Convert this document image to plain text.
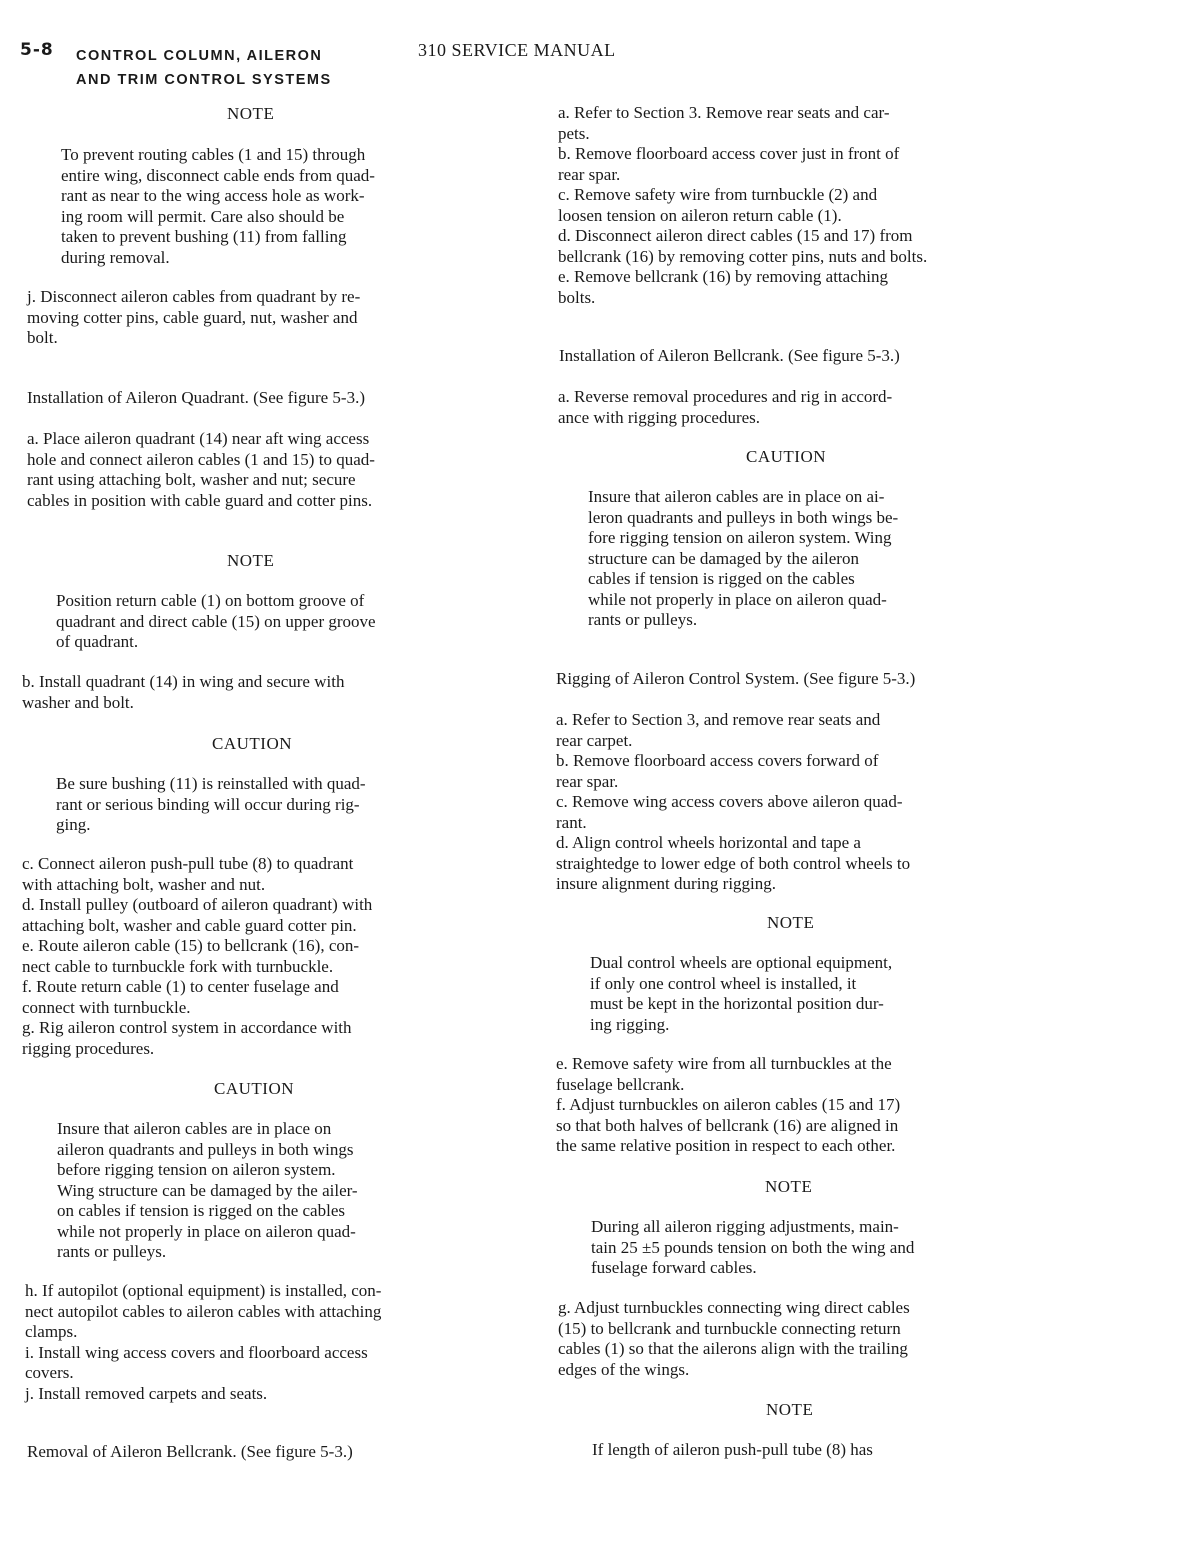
5-8 CONTROL COLUMN, AILERON
AND TRIM CONTROL SYSTEMS
310 SERVICE MANUAL
NOTE
To prevent routing cables (1 and 15) through
entire wing, disconnect cable ends from quad-
rant as near to the wing access hole as work-
ing room will permit. Care also should be
taken to prevent bushing (11) from falling
during removal.
j. Disconnect aileron cables from quadrant by re-
moving cotter pins, cable guard, nut, washer and
bolt.
Installation of Aileron Quadrant. (See figure 5-3.)
a. Place aileron quadrant (14) near aft wing access
hole and connect aileron cables (1 and 15) to quad-
rant using attaching bolt, washer and nut; secure
cables in position with cable guard and cotter pins.
NOTE
Position return cable (1) on bottom groove of
quadrant and direct cable (15) on upper groove
of quadrant.
b. Install quadrant (14) in wing and secure with
washer and bolt.
CAUTION
Be sure bushing (11) is reinstalled with quad-
rant or serious binding will occur during rig-
ging.
c. Connect aileron push-pull tube (8) to quadrant
with attaching bolt, washer and nut.
d. Install pulley (outboard of aileron quadrant) with
attaching bolt, washer and cable guard cotter pin.
e. Route aileron cable (15) to bellcrank (16), con-
nect cable to turnbuckle fork with turnbuckle.
f. Route return cable (1) to center fuselage and
connect with turnbuckle.
g. Rig aileron control system in accordance with
rigging procedures.
CAUTION
Insure that aileron cables are in place on
aileron quadrants and pulleys in both wings
before rigging tension on aileron system.
Wing structure can be damaged by the ailer-
on cables if tension is rigged on the cables
while not properly in place on aileron quad-
rants or pulleys.
h. If autopilot (optional equipment) is installed, con-
nect autopilot cables to aileron cables with attaching
clamps.
i. Install wing access covers and floorboard access
covers.
j. Install removed carpets and seats.
Removal of Aileron Bellcrank. (See figure 5-3.)
a. Refer to Section 3. Remove rear seats and car-
pets.
b. Remove floorboard access cover just in front of
rear spar.
c. Remove safety wire from turnbuckle (2) and
loosen tension on aileron return cable (1).
d. Disconnect aileron direct cables (15 and 17) from
bellcrank (16) by removing cotter pins, nuts and bolts.
e. Remove bellcrank (16) by removing attaching
bolts.
Installation of Aileron Bellcrank. (See figure 5-3.)
a. Reverse removal procedures and rig in accord-
ance with rigging procedures.
CAUTION
Insure that aileron cables are in place on ai-
leron quadrants and pulleys in both wings be-
fore rigging tension on aileron system. Wing
structure can be damaged by the aileron
cables if tension is rigged on the cables
while not properly in place on aileron quad-
rants or pulleys.
Rigging of Aileron Control System. (See figure 5-3.)
a. Refer to Section 3, and remove rear seats and
rear carpet.
b. Remove floorboard access covers forward of
rear spar.
c. Remove wing access covers above aileron quad-
rant.
d. Align control wheels horizontal and tape a
straightedge to lower edge of both control wheels to
insure alignment during rigging.
NOTE
Dual control wheels are optional equipment,
if only one control wheel is installed, it
must be kept in the horizontal position dur-
ing rigging.
e. Remove safety wire from all turnbuckles at the
fuselage bellcrank.
f. Adjust turnbuckles on aileron cables (15 and 17)
so that both halves of bellcrank (16) are aligned in
the same relative position in respect to each other.
NOTE
During all aileron rigging adjustments, main-
tain 25 ±5 pounds tension on both the wing and
fuselage forward cables.
g. Adjust turnbuckles connecting wing direct cables
(15) to bellcrank and turnbuckle connecting return
cables (1) so that the ailerons align with the trailing
edges of the wings.
NOTE
If length of aileron push-pull tube (8) has
